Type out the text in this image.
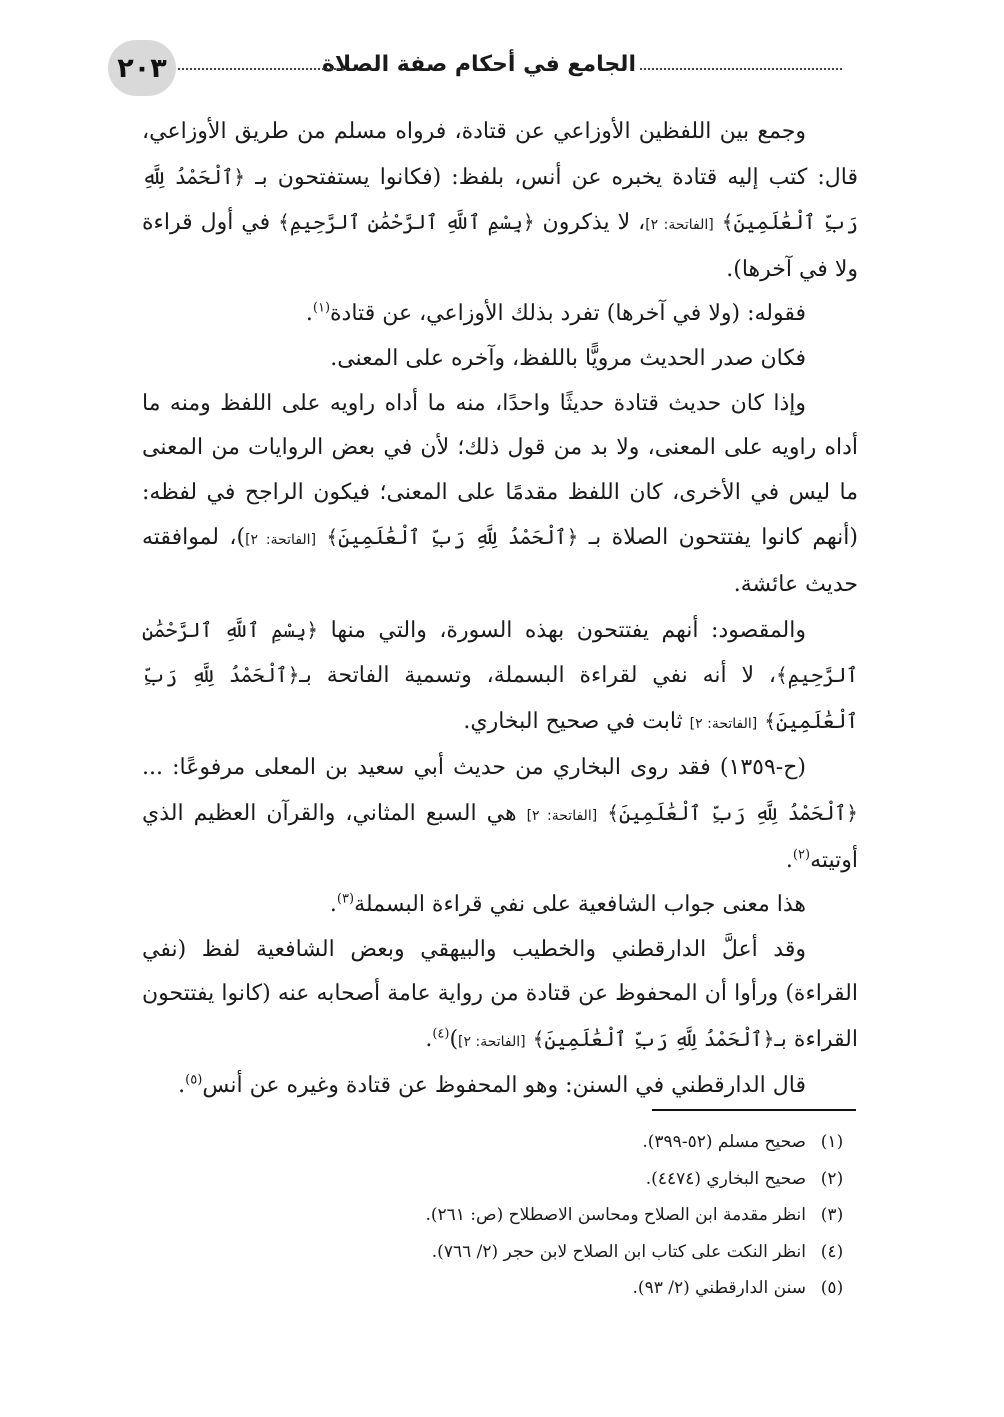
٢٠٣	الجامع في أحكام صفة الصلاة

وجمع بين اللفظين الأوزاعي عن قتادة، فرواه مسلم من طريق الأوزاعي، قال: كتب إليه قتادة يخبره عن أنس، بلفظ: (فكانوا يستفتحون بـ ﴿ٱلْحَمْدُ لِلَّهِ رَبِّ ٱلْعَٰلَمِينَ﴾ [الفاتحة: ٢]، لا يذكرون ﴿بِسْمِ ٱللَّهِ ٱلرَّحْمَٰنِ ٱلرَّحِيمِ﴾ في أول قراءة ولا في آخرها).

فقوله: (ولا في آخرها) تفرد بذلك الأوزاعي، عن قتادة$^{(١)}$.

فكان صدر الحديث مرويًّا باللفظ، وآخره على المعنى.

وإذا كان حديث قتادة حديثًا واحدًا، منه ما أداه راويه على اللفظ ومنه ما أداه راويه على المعنى، ولا بد من قول ذلك؛ لأن في بعض الروايات من المعنى ما ليس في الأخرى، كان اللفظ مقدمًا على المعنى؛ فيكون الراجح في لفظه: (أنهم كانوا يفتتحون الصلاة بـ ﴿ٱلْحَمْدُ لِلَّهِ رَبِّ ٱلْعَٰلَمِينَ﴾ [الفاتحة: ٢])، لموافقته حديث عائشة.

والمقصود: أنهم يفتتحون بهذه السورة، والتي منها ﴿بِسْمِ ٱللَّهِ ٱلرَّحْمَٰنِ ٱلرَّحِيمِ﴾، لا أنه نفي لقراءة البسملة، وتسمية الفاتحة بـ﴿ٱلْحَمْدُ لِلَّهِ رَبِّ ٱلْعَٰلَمِينَ﴾ [الفاتحة: ٢] ثابت في صحيح البخاري.

(ح-١٣٥٩) فقد روى البخاري من حديث أبي سعيد بن المعلى مرفوعًا: ... ﴿ٱلْحَمْدُ لِلَّهِ رَبِّ ٱلْعَٰلَمِينَ﴾ [الفاتحة: ٢] هي السبع المثاني، والقرآن العظيم الذي أوتيته$^{(٢)}$.

هذا معنى جواب الشافعية على نفي قراءة البسملة$^{(٣)}$.

وقد أعلَّ الدارقطني والخطيب والبيهقي وبعض الشافعية لفظ (نفي القراءة) ورأوا أن المحفوظ عن قتادة من رواية عامة أصحابه عنه (كانوا يفتتحون القراءة بـ﴿ٱلْحَمْدُ لِلَّهِ رَبِّ ٱلْعَٰلَمِينَ﴾ [الفاتحة: ٢])$^{(٤)}$.

قال الدارقطني في السنن: وهو المحفوظ عن قتادة وغيره عن أنس$^{(٥)}$.

(١)
صحيح مسلم (٥٢-٣٩٩).
(٢)
صحيح البخاري (٤٤٧٤).
(٣)
انظر مقدمة ابن الصلاح ومحاسن الاصطلاح (ص: ٢٦١).
(٤)
انظر النكت على كتاب ابن الصلاح لابن حجر (٢/ ٧٦٦).
(٥)
سنن الدارقطني (٢/ ٩٣).
